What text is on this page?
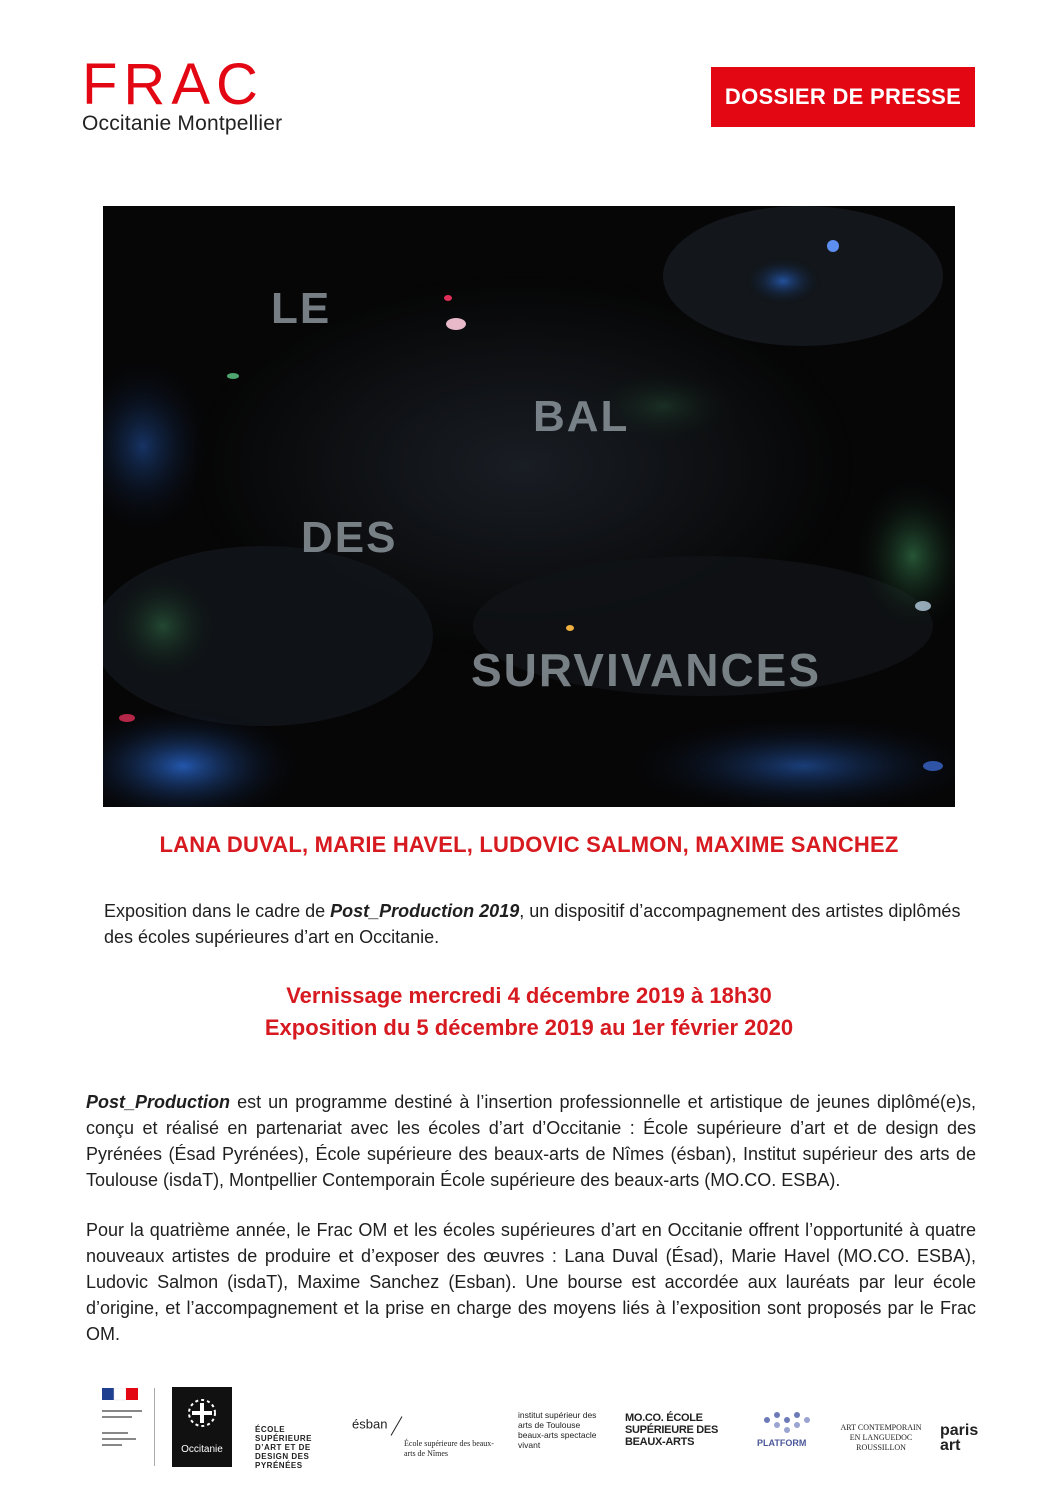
FRAC
Occitanie Montpellier
DOSSIER DE PRESSE
LE
BAL
DES
SURVIVANCES
LANA DUVAL, MARIE HAVEL, LUDOVIC SALMON, MAXIME SANCHEZ
Exposition dans le cadre de Post_Production 2019, un dispositif d’accompagnement des artistes diplômés des écoles supérieures d’art en Occitanie.
Vernissage mercredi 4 décembre 2019 à 18h30
Exposition du 5 décembre 2019 au 1er février 2020
Post_Production est un programme destiné à l’insertion professionnelle et artistique de jeunes diplômé(e)s, conçu et réalisé en partenariat avec les écoles d’art d’Occitanie : École supérieure d’art et de design des Pyrénées (Ésad Pyrénées), École supérieure des beaux-arts de Nîmes (ésban), Institut supérieur des arts de Toulouse (isdaT), Montpellier Contemporain École supérieure des beaux-arts (MO.CO. ESBA).
Pour la quatrième année, le Frac OM et les écoles supérieures d’art en Occitanie offrent l’opportunité à quatre nouveaux artistes de produire et d’exposer des œuvres : Lana Duval (Ésad), Marie Havel (MO.CO. ESBA), Ludovic Salmon (isdaT), Maxime Sanchez (Esban). Une bourse est accordée aux lauréats par leur école d’origine, et l’accompagnement et la prise en charge des moyens liés à l’exposition sont proposés par le Frac OM.
Occitanie
ÉCOLE SUPÉRIEURE D’ART ET DE DESIGN DES PYRÉNÉES
ésban
École supérieure des beaux-arts de Nîmes
institut supérieur des arts de Toulouse beaux-arts spectacle vivant
MO.CO. ÉCOLE SUPÉRIEURE DES BEAUX-ARTS	PLATFORM
ART CONTEMPORAIN EN LANGUEDOC ROUSSILLON
paris art
